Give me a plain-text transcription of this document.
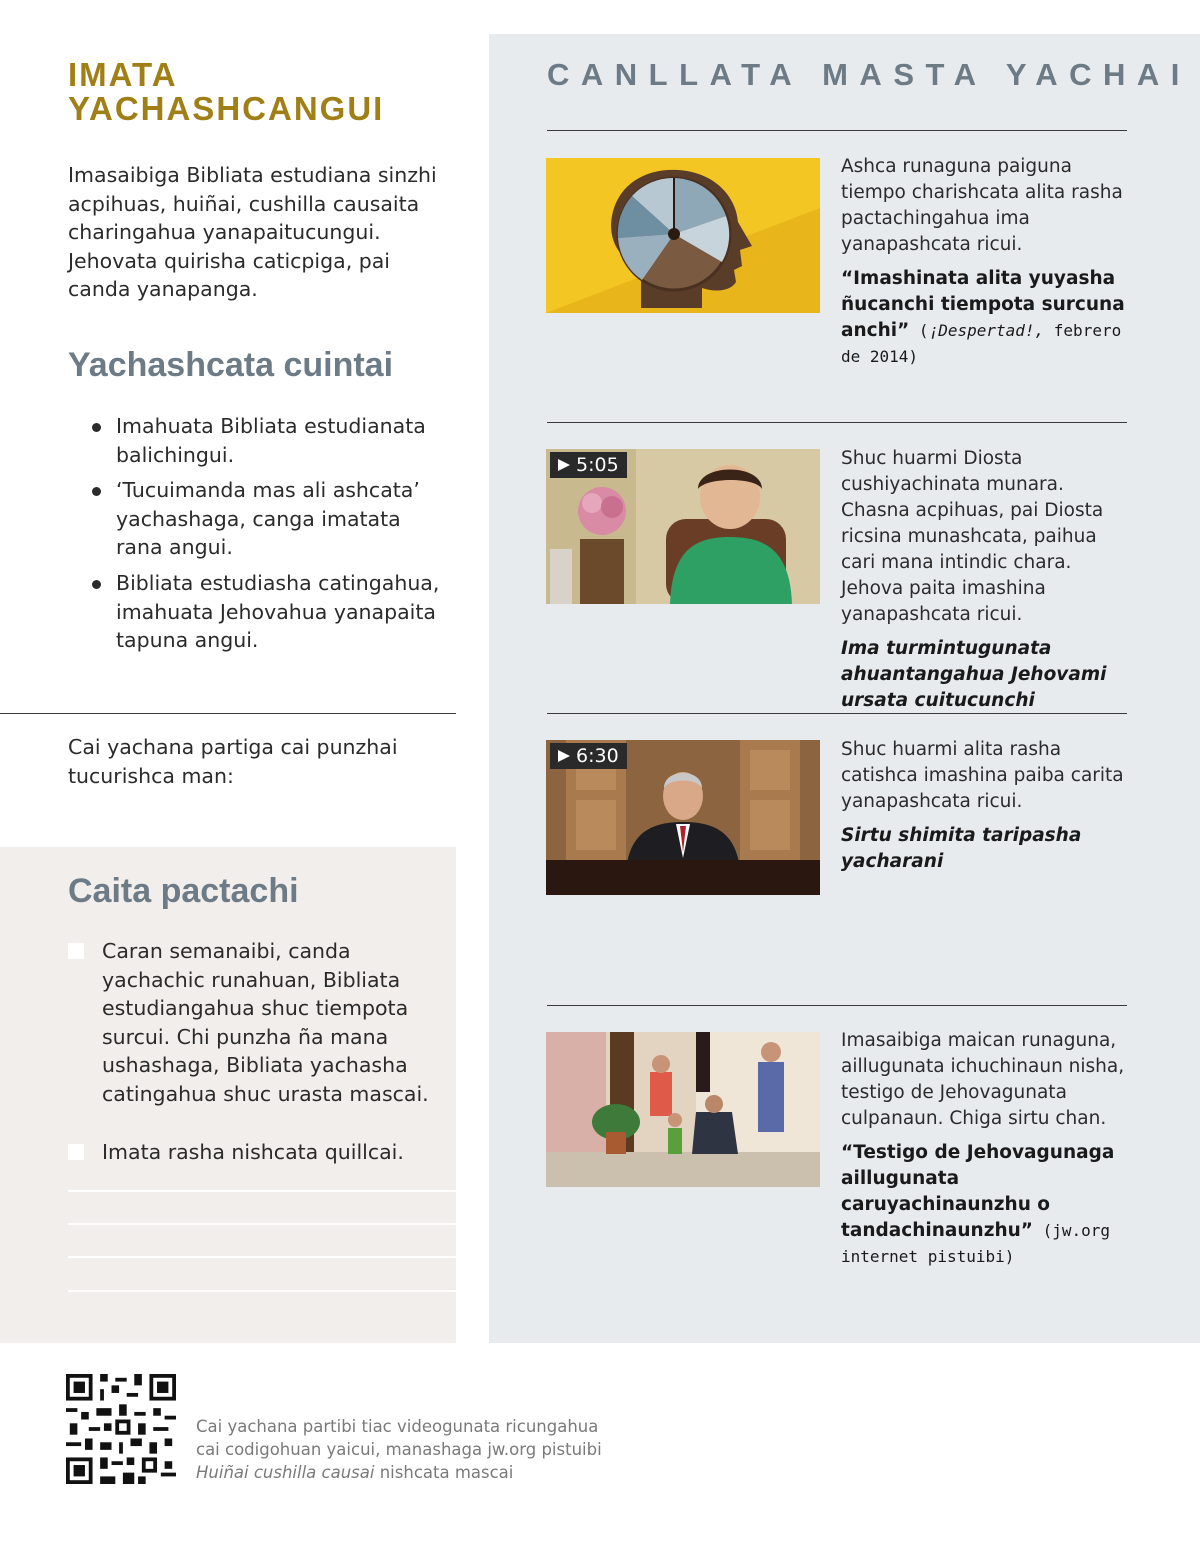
IMATA
YACHASHCANGUI

Imasaibiga Bibliata estudiana sinzhi acpihuas, huiñai, cushilla causaita charingahua yanapaitucungui. Jehovata quirisha caticpiga, pai canda yanapanga.

Yachashcata cuintai
Imahuata Bibliata estudianata balichingui.
‘Tucuimanda mas ali ashcata’ yachashaga, canga imatata rana angui.
Bibliata estudiasha catingahua, imahuata Jehovahua yanapaita tapuna angui.

Cai yachana partiga cai punzhai tucurishca man:

Caita pactachi
Caran semanaibi, canda yachachic runahuan, Bibliata estudiangahua shuc tiempota surcui. Chi punzha ña mana ushashaga, Bibliata yachasha catingahua shuc urasta mascai.
Imata rasha nishcata quillcai.
CANLLATA MASTA YACHAI

Ashca runaguna paiguna tiempo charishcata alita rasha pactachingahua ima yanapashcata ricui.

“Imashinata alita yuyasha ñucanchi tiempota surcuna anchi” (¡Despertad!, febrero de 2014)

5:05	Shuc huarmi Diosta cushiyachinata munara. Chasna acpihuas, pai Diosta ricsina munashcata, paihua cari mana intindic chara. Jehova paita imashina yanapashcata ricui.

Ima turmintugunata ahuantangahua Jehovami ursata cuitucunchi

6:30	Shuc huarmi alita rasha catishca imashina paiba carita yanapashcata ricui.

Sirtu shimita taripasha yacharani

Imasaibiga maican runaguna, aillugunata ichuchinaun nisha, testigo de Jehovagunata culpanaun. Chiga sirtu chan.

“Testigo de Jehovagunaga aillugunata caruyachinaunzhu o tandachinaunzhu” (jw.org internet pistuibi)

Cai yachana partibi tiac videogunata ricungahua
cai codigohuan yaicui, manashaga jw.org pistuibi
Huiñai cushilla causai nishcata mascai
